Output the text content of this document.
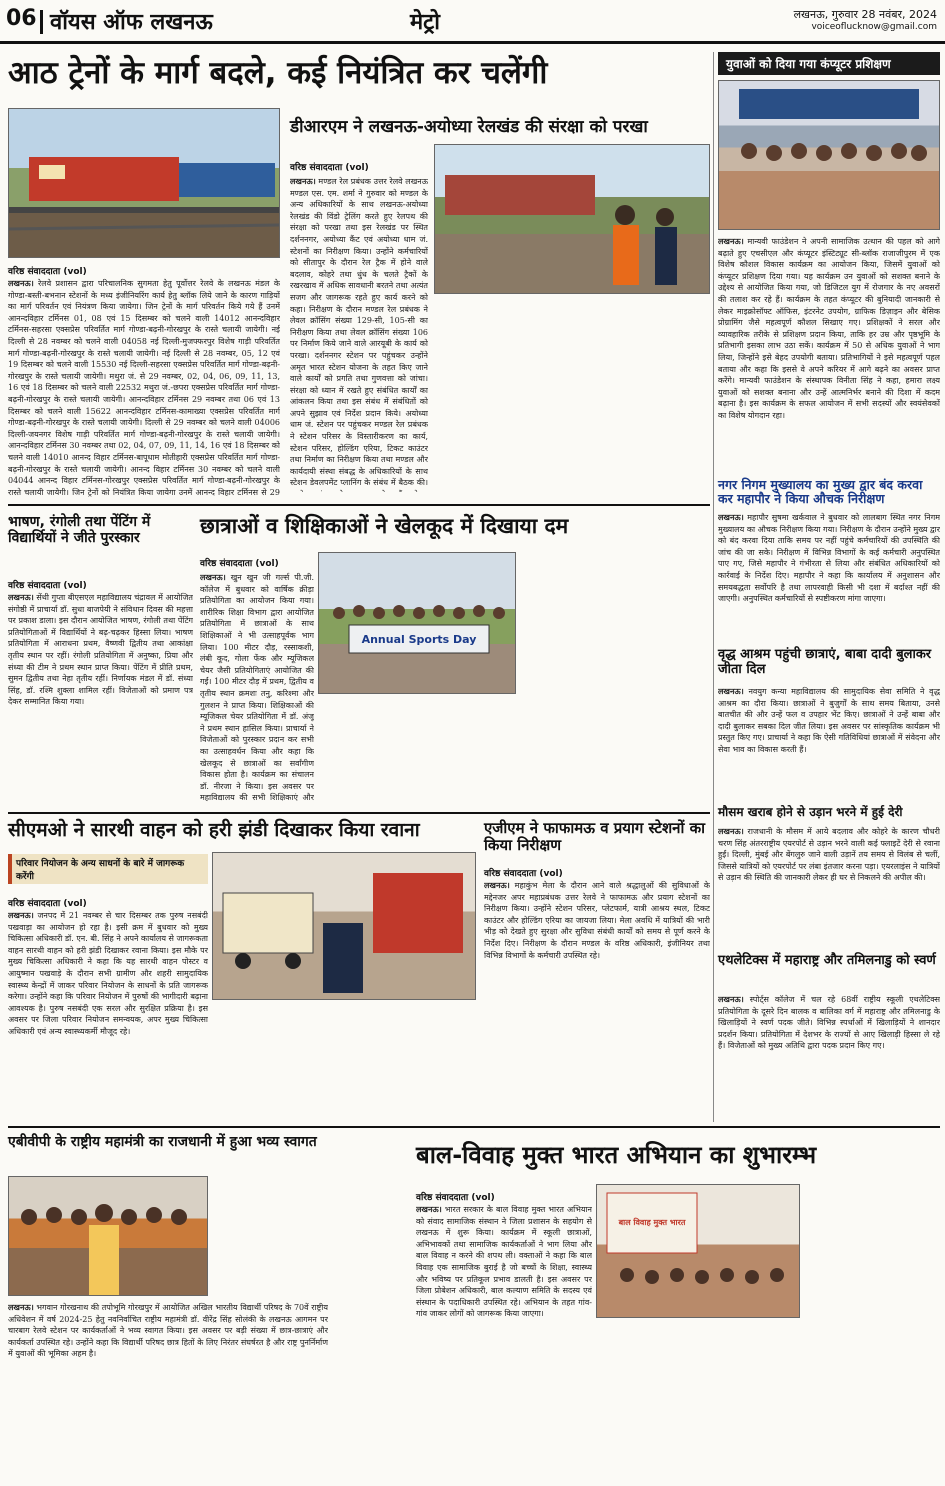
06 वॉयस ऑफ लखनऊ	मेट्रो	लखनऊ, गुरुवार 28 नवंबर, 2024
voiceoflucknow@gmail.com
आठ ट्रेनों के मार्ग बदले, कई नियंत्रित कर चलेंगी
वरिष्ठ संवाददाता (vol)
लखनऊ। रेलवे प्रशासन द्वारा परिचालनिक सुगमता हेतु पूर्वोत्तर रेलवे के लखनऊ मंडल के गोण्डा-बस्ती-बभनान स्टेशनों के मध्य इंजीनियरिंग कार्य हेतु ब्लॉक लिये जाने के कारण गाड़ियों का मार्ग परिवर्तन एवं नियंत्रण किया जायेगा। जिन ट्रेनों के मार्ग परिवर्तन किये गये हैं उनमें आनन्दविहार टर्मिनस 01, 08 एवं 15 दिसम्बर को चलने वाली 14012 आनन्दविहार टर्मिनस-सहरसा एक्सप्रेस परिवर्तित मार्ग गोण्डा-बढ़नी-गोरखपुर के रास्ते चलायी जायेगी। नई दिल्ली से 28 नवम्बर को चलने वाली 04058 नई दिल्ली-मुजफ्फरपुर विशेष गाड़ी परिवर्तित मार्ग गोण्डा-बढ़नी-गोरखपुर के रास्ते चलायी जायेगी। नई दिल्ली से 28 नवम्बर, 05, 12 एवं 19 दिसम्बर को चलने वाली 15530 नई दिल्ली-सहरसा एक्सप्रेस परिवर्तित मार्ग गोण्डा-बढ़नी-गोरखपुर के रास्ते चलायी जायेगी। मथुरा जं. से 29 नवम्बर, 02, 04, 06, 09, 11, 13, 16 एवं 18 दिसम्बर को चलने वाली 22532 मथुरा जं.-छपरा एक्सप्रेस परिवर्तित मार्ग गोण्डा-बढ़नी-गोरखपुर के रास्ते चलायी जायेगी। आनन्दविहार टर्मिनस 29 नवम्बर तथा 06 एवं 13 दिसम्बर को चलने वाली 15622 आनन्दविहार टर्मिनस-कामाख्या एक्सप्रेस परिवर्तित मार्ग गोण्डा-बढ़नी-गोरखपुर के रास्ते चलायी जायेगी। दिल्ली से 29 नवम्बर को चलने वाली 04006 दिल्ली-जयनगर विशेष गाड़ी परिवर्तित मार्ग गोण्डा-बढ़नी-गोरखपुर के रास्ते चलायी जायेगी। आनन्दविहार टर्मिनस 30 नवम्बर तथा 02, 04, 07, 09, 11, 14, 16 एवं 18 दिसम्बर को चलने वाली 14010 आनन्द विहार टर्मिनस-बापूधाम मोतीहारी एक्सप्रेस परिवर्तित मार्ग गोण्डा-बढ़नी-गोरखपुर के रास्ते चलायी जायेगी। आनन्द विहार टर्मिनस 30 नवम्बर को चलने वाली 04044 आनन्द विहार टर्मिनस-गोरखपुर एक्सप्रेस परिवर्तित मार्ग गोण्डा-बढ़नी-गोरखपुर के रास्ते चलायी जायेगी। जिन ट्रेनों को नियंत्रित किया जायेगा उनमें आनन्द विहार टर्मिनस से 29
डीआरएम ने लखनऊ-अयोध्या रेलखंड की संरक्षा को परखा
वरिष्ठ संवाददाता (vol)
लखनऊ। मण्डल रेल प्रबंधक उत्तर रेलवे लखनऊ मण्डल एस. एम. शर्मा ने गुरुवार को मण्डल के अन्य अधिकारियों के साथ लखनऊ-अयोध्या रेलखंड की विंडो ट्रेलिंग करते हुए रेलपथ की संरक्षा को परखा तथा इस रेलखंड पर स्थित दर्शननगर, अयोध्या कैंट एवं अयोध्या धाम जं. स्टेशनों का निरीक्षण किया। उन्होंने कर्मचारियों को सीतापुर के दौरान रेल ट्रैक में होने वाले बदलाव, कोहरे तथा धुंध के चलते ट्रैकों के रखरखाव में अधिक सावधानी बरतने तथा अत्यंत सजग और जागरूक रहते हुए कार्य करने को कहा। निरीक्षण के दौरान मण्डल रेल प्रबंधक ने लेवल क्रॉसिंग संख्या 129-सी, 105-सी का निरीक्षण किया तथा लेवल क्रॉसिंग संख्या 106 पर निर्माण किये जाने वाले आरयूबी के कार्य को परखा। दर्शननगर स्टेशन पर पहुंचकर उन्होंने अमृत भारत स्टेशन योजना के तहत किए जाने वाले कार्यों को प्रगति तथा गुणवत्ता को जांचा। संरक्षा को ध्यान में रखते हुए संबंधित कार्यों का आंकलन किया तथा इस संबंध में संबंधितों को अपने सुझाव एवं निर्देश प्रदान किये। अयोध्या धाम जं. स्टेशन पर पहुंचकर मण्डल रेल प्रबंधक ने स्टेशन परिसर के विस्तारीकरण का कार्य, स्टेशन परिसर, होल्डिंग एरिया, टिकट काउंटर तथा निर्माण का निरीक्षण किया तथा मण्डल और कार्यदायी संस्था संबद्ध के अधिकारियों के साथ स्टेशन डेवलपमेंट प्लानिंग के संबंध में बैठक की।
युवाओं को दिया गया कंप्यूटर प्रशिक्षण
लखनऊ। मान्यवी फाउंडेशन ने अपनी सामाजिक उत्थान की पहल को आगे बढ़ाते हुए एचसीएल और कंप्यूटर इंस्टिट्यूट सी-ब्लॉक राजाजीपुरम में एक विशेष कौशल विकास कार्यक्रम का आयोजन किया, जिसमें युवाओं को कंप्यूटर प्रशिक्षण दिया गया। यह कार्यक्रम उन युवाओं को सशक्त बनाने के उद्देश्य से आयोजित किया गया, जो डिजिटल युग में रोजगार के नए अवसरों की तलाश कर रहे हैं। कार्यक्रम के तहत कंप्यूटर की बुनियादी जानकारी से लेकर माइक्रोसॉफ्ट ऑफिस, इंटरनेट उपयोग, ग्राफिक डिज़ाइन और बेसिक प्रोग्रामिंग जैसे महत्वपूर्ण कौशल सिखाए गए। प्रशिक्षकों ने सरल और व्यावहारिक तरीके से प्रशिक्षण प्रदान किया, ताकि हर उम्र और पृष्ठभूमि के प्रतिभागी इसका लाभ उठा सकें। कार्यक्रम में 50 से अधिक युवाओं ने भाग लिया, जिन्होंने इसे बेहद उपयोगी बताया। प्रतिभागियों ने इसे महत्वपूर्ण पहल बताया और कहा कि इससे वे अपने करियर में आगे बढ़ने का अवसर प्राप्त करेंगे। मान्यवी फाउंडेशन के संस्थापक विनीता सिंह ने कहा, हमारा लक्ष्य युवाओं को सशक्त बनाना और उन्हें आत्मनिर्भर बनाने की दिशा में कदम बढ़ाना है। इस कार्यक्रम के सफल आयोजन में सभी सदस्यों और स्वयंसेवकों का विशेष योगदान रहा।
नगर निगम मुख्यालय का मुख्य द्वार बंद करवा कर महापौर ने किया औचक निरीक्षण
लखनऊ। महापौर सुषमा खर्कवाल ने बुधवार को लालबाग स्थित नगर निगम मुख्यालय का औचक निरीक्षण किया गया। निरीक्षण के दौरान उन्होंने मुख्य द्वार को बंद करवा दिया ताकि समय पर नहीं पहुंचे कर्मचारियों की उपस्थिति की जांच की जा सके। निरीक्षण में विभिन्न विभागों के कई कर्मचारी अनुपस्थित पाए गए, जिसे महापौर ने गंभीरता से लिया और संबंधित अधिकारियों को कार्रवाई के निर्देश दिए। महापौर ने कहा कि कार्यालय में अनुशासन और समयबद्धता सर्वोपरि है तथा लापरवाही किसी भी दशा में बर्दाश्त नहीं की जाएगी। अनुपस्थित कर्मचारियों से स्पष्टीकरण मांगा जाएगा।
वृद्ध आश्रम पहुंची छात्राएं, बाबा दादी बुलाकर जीता दिल
लखनऊ। नवयुग कन्या महाविद्यालय की सामुदायिक सेवा समिति ने वृद्ध आश्रम का दौरा किया। छात्राओं ने बुजुर्गों के साथ समय बिताया, उनसे बातचीत की और उन्हें फल व उपहार भेंट किए। छात्राओं ने उन्हें बाबा और दादी बुलाकर सबका दिल जीत लिया। इस अवसर पर सांस्कृतिक कार्यक्रम भी प्रस्तुत किए गए। प्राचार्या ने कहा कि ऐसी गतिविधियां छात्राओं में संवेदना और सेवा भाव का विकास करती हैं।
मौसम खराब होने से उड़ान भरने में हुई देरी
लखनऊ। राजधानी के मौसम में आये बदलाव और कोहरे के कारण चौधरी चरण सिंह अंतरराष्ट्रीय एयरपोर्ट से उड़ान भरने वाली कई फ्लाइटें देरी से रवाना हुईं। दिल्ली, मुंबई और बेंगलुरु जाने वाली उड़ानें तय समय से विलंब से चलीं, जिससे यात्रियों को एयरपोर्ट पर लंबा इंतजार करना पड़ा। एयरलाइंस ने यात्रियों से उड़ान की स्थिति की जानकारी लेकर ही घर से निकलने की अपील की।
एथलेटिक्स में महाराष्ट्र और तमिलनाडु को स्वर्ण
लखनऊ। स्पोर्ट्स कॉलेज में चल रहे 68वीं राष्ट्रीय स्कूली एथलेटिक्स प्रतियोगिता के दूसरे दिन बालक व बालिका वर्ग में महाराष्ट्र और तमिलनाडु के खिलाड़ियों ने स्वर्ण पदक जीते। विभिन्न स्पर्धाओं में खिलाड़ियों ने शानदार प्रदर्शन किया। प्रतियोगिता में देशभर के राज्यों से आए खिलाड़ी हिस्सा ले रहे हैं। विजेताओं को मुख्य अतिथि द्वारा पदक प्रदान किए गए।
भाषण, रंगोली तथा पेंटिंग में विद्यार्थियों ने जीते पुरस्कार
वरिष्ठ संवाददाता (vol)
लखनऊ। सेंथी गुप्ता बीएसएल महाविद्यालय चंद्रावल में आयोजित संगोष्ठी में प्राचार्या डॉ. सुधा बाजपेयी ने संविधान दिवस की महत्ता पर प्रकाश डाला। इस दौरान आयोजित भाषण, रंगोली तथा पेंटिंग प्रतियोगिताओं में विद्यार्थियों ने बढ़-चढ़कर हिस्सा लिया। भाषण प्रतियोगिता में आराधना प्रथम, वैष्णवी द्वितीय तथा आकांक्षा तृतीय स्थान पर रहीं। रंगोली प्रतियोगिता में अनुष्का, प्रिया और संध्या की टीम ने प्रथम स्थान प्राप्त किया। पेंटिंग में प्रीति प्रथम, सुमन द्वितीय तथा नेहा तृतीय रहीं। निर्णायक मंडल में डॉ. संध्या सिंह, डॉ. रश्मि शुक्ला शामिल रहीं। विजेताओं को प्रमाण पत्र देकर सम्मानित किया गया।
छात्राओं व शिक्षिकाओं ने खेलकूद में दिखाया दम
वरिष्ठ संवाददाता (vol)
Annual Sports Day
लखनऊ। खुन खुन जी गर्ल्स पी.जी. कॉलेज में बुधवार को वार्षिक क्रीड़ा प्रतियोगिता का आयोजन किया गया। शारीरिक शिक्षा विभाग द्वारा आयोजित प्रतियोगिता में छात्राओं के साथ शिक्षिकाओं ने भी उत्साहपूर्वक भाग लिया। 100 मीटर दौड़, रस्साकशी, लंबी कूद, गोला फेंक और म्यूजिकल चेयर जैसी प्रतियोगिताएं आयोजित की गईं। 100 मीटर दौड़ में प्रथम, द्वितीय व तृतीय स्थान क्रमशः तनु, करिश्मा और गुलशन ने प्राप्त किया। शिक्षिकाओं की म्यूजिकल चेयर प्रतियोगिता में डॉ. अंजू ने प्रथम स्थान हासिल किया। प्राचार्या ने विजेताओं को पुरस्कार प्रदान कर सभी का उत्साहवर्धन किया और कहा कि खेलकूद से छात्राओं का सर्वांगीण विकास होता है। कार्यक्रम का संचालन डॉ. नीरजा ने किया। इस अवसर पर महाविद्यालय की सभी शिक्षिकाएं और
सीएमओ ने सारथी वाहन को हरी झंडी दिखाकर किया रवाना
परिवार नियोजन के अन्य साधनों के बारे में जागरूक करेंगी
वरिष्ठ संवाददाता (vol)
लखनऊ। जनपद में 21 नवम्बर से चार दिसम्बर तक पुरुष नसबंदी पखवाड़ा का आयोजन हो रहा है। इसी क्रम में बुधवार को मुख्य चिकित्सा अधिकारी डॉ. एन. बी. सिंह ने अपने कार्यालय से जागरूकता वाहन सारथी वाहन को हरी झंडी दिखाकर रवाना किया। इस मौके पर मुख्य चिकित्सा अधिकारी ने कहा कि यह सारथी वाहन पोस्टर व आयुष्मान पखवाड़े के दौरान सभी ग्रामीण और शहरी सामुदायिक स्वास्थ्य केन्द्रों में जाकर परिवार नियोजन के साधनों के प्रति जागरूक करेगा। उन्होंने कहा कि परिवार नियोजन में पुरुषों की भागीदारी बढ़ाना आवश्यक है। पुरुष नसबंदी एक सरल और सुरक्षित प्रक्रिया है। इस अवसर पर जिला परिवार नियोजन समन्वयक, अपर मुख्य चिकित्सा अधिकारी एवं अन्य स्वास्थ्यकर्मी मौजूद रहे।
एजीएम ने फाफामऊ व प्रयाग स्टेशनों का किया निरीक्षण
वरिष्ठ संवाददाता (vol)
लखनऊ। महाकुंभ मेला के दौरान आने वाले श्रद्धालुओं की सुविधाओं के मद्देनजर अपर महाप्रबंधक उत्तर रेलवे ने फाफामऊ और प्रयाग स्टेशनों का निरीक्षण किया। उन्होंने स्टेशन परिसर, प्लेटफार्म, यात्री आश्रय स्थल, टिकट काउंटर और होल्डिंग एरिया का जायजा लिया। मेला अवधि में यात्रियों की भारी भीड़ को देखते हुए सुरक्षा और सुविधा संबंधी कार्यों को समय से पूर्ण करने के निर्देश दिए। निरीक्षण के दौरान मण्डल के वरिष्ठ अधिकारी, इंजीनियर तथा विभिन्न विभागों के कर्मचारी उपस्थित रहे।
एबीवीपी के राष्ट्रीय महामंत्री का राजधानी में हुआ भव्य स्वागत
लखनऊ। भगवान गोरखनाथ की तपोभूमि गोरखपुर में आयोजित अखिल भारतीय विद्यार्थी परिषद के 70वें राष्ट्रीय अधिवेशन में वर्ष 2024-25 हेतु नवनिर्वाचित राष्ट्रीय महामंत्री डॉ. वीरेंद्र सिंह सोलंकी के लखनऊ आगमन पर चारबाग रेलवे स्टेशन पर कार्यकर्ताओं ने भव्य स्वागत किया। इस अवसर पर बड़ी संख्या में छात्र-छात्राएं और कार्यकर्ता उपस्थित रहे। उन्होंने कहा कि विद्यार्थी परिषद छात्र हितों के लिए निरंतर संघर्षरत है और राष्ट्र पुनर्निर्माण में युवाओं की भूमिका अहम है।
बाल-विवाह मुक्त भारत अभियान का शुभारम्भ
वरिष्ठ संवाददाता (vol)
बाल विवाह मुक्त भारत
लखनऊ। भारत सरकार के बाल विवाह मुक्त भारत अभियान को संवाद सामाजिक संस्थान ने जिला प्रशासन के सहयोग से लखनऊ में शुरू किया। कार्यक्रम में स्कूली छात्राओं, अभिभावकों तथा सामाजिक कार्यकर्ताओं ने भाग लिया और बाल विवाह न करने की शपथ ली। वक्ताओं ने कहा कि बाल विवाह एक सामाजिक बुराई है जो बच्चों के शिक्षा, स्वास्थ्य और भविष्य पर प्रतिकूल प्रभाव डालती है। इस अवसर पर जिला प्रोबेशन अधिकारी, बाल कल्याण समिति के सदस्य एवं संस्थान के पदाधिकारी उपस्थित रहे। अभियान के तहत गांव-गांव जाकर लोगों को जागरूक किया जाएगा।
